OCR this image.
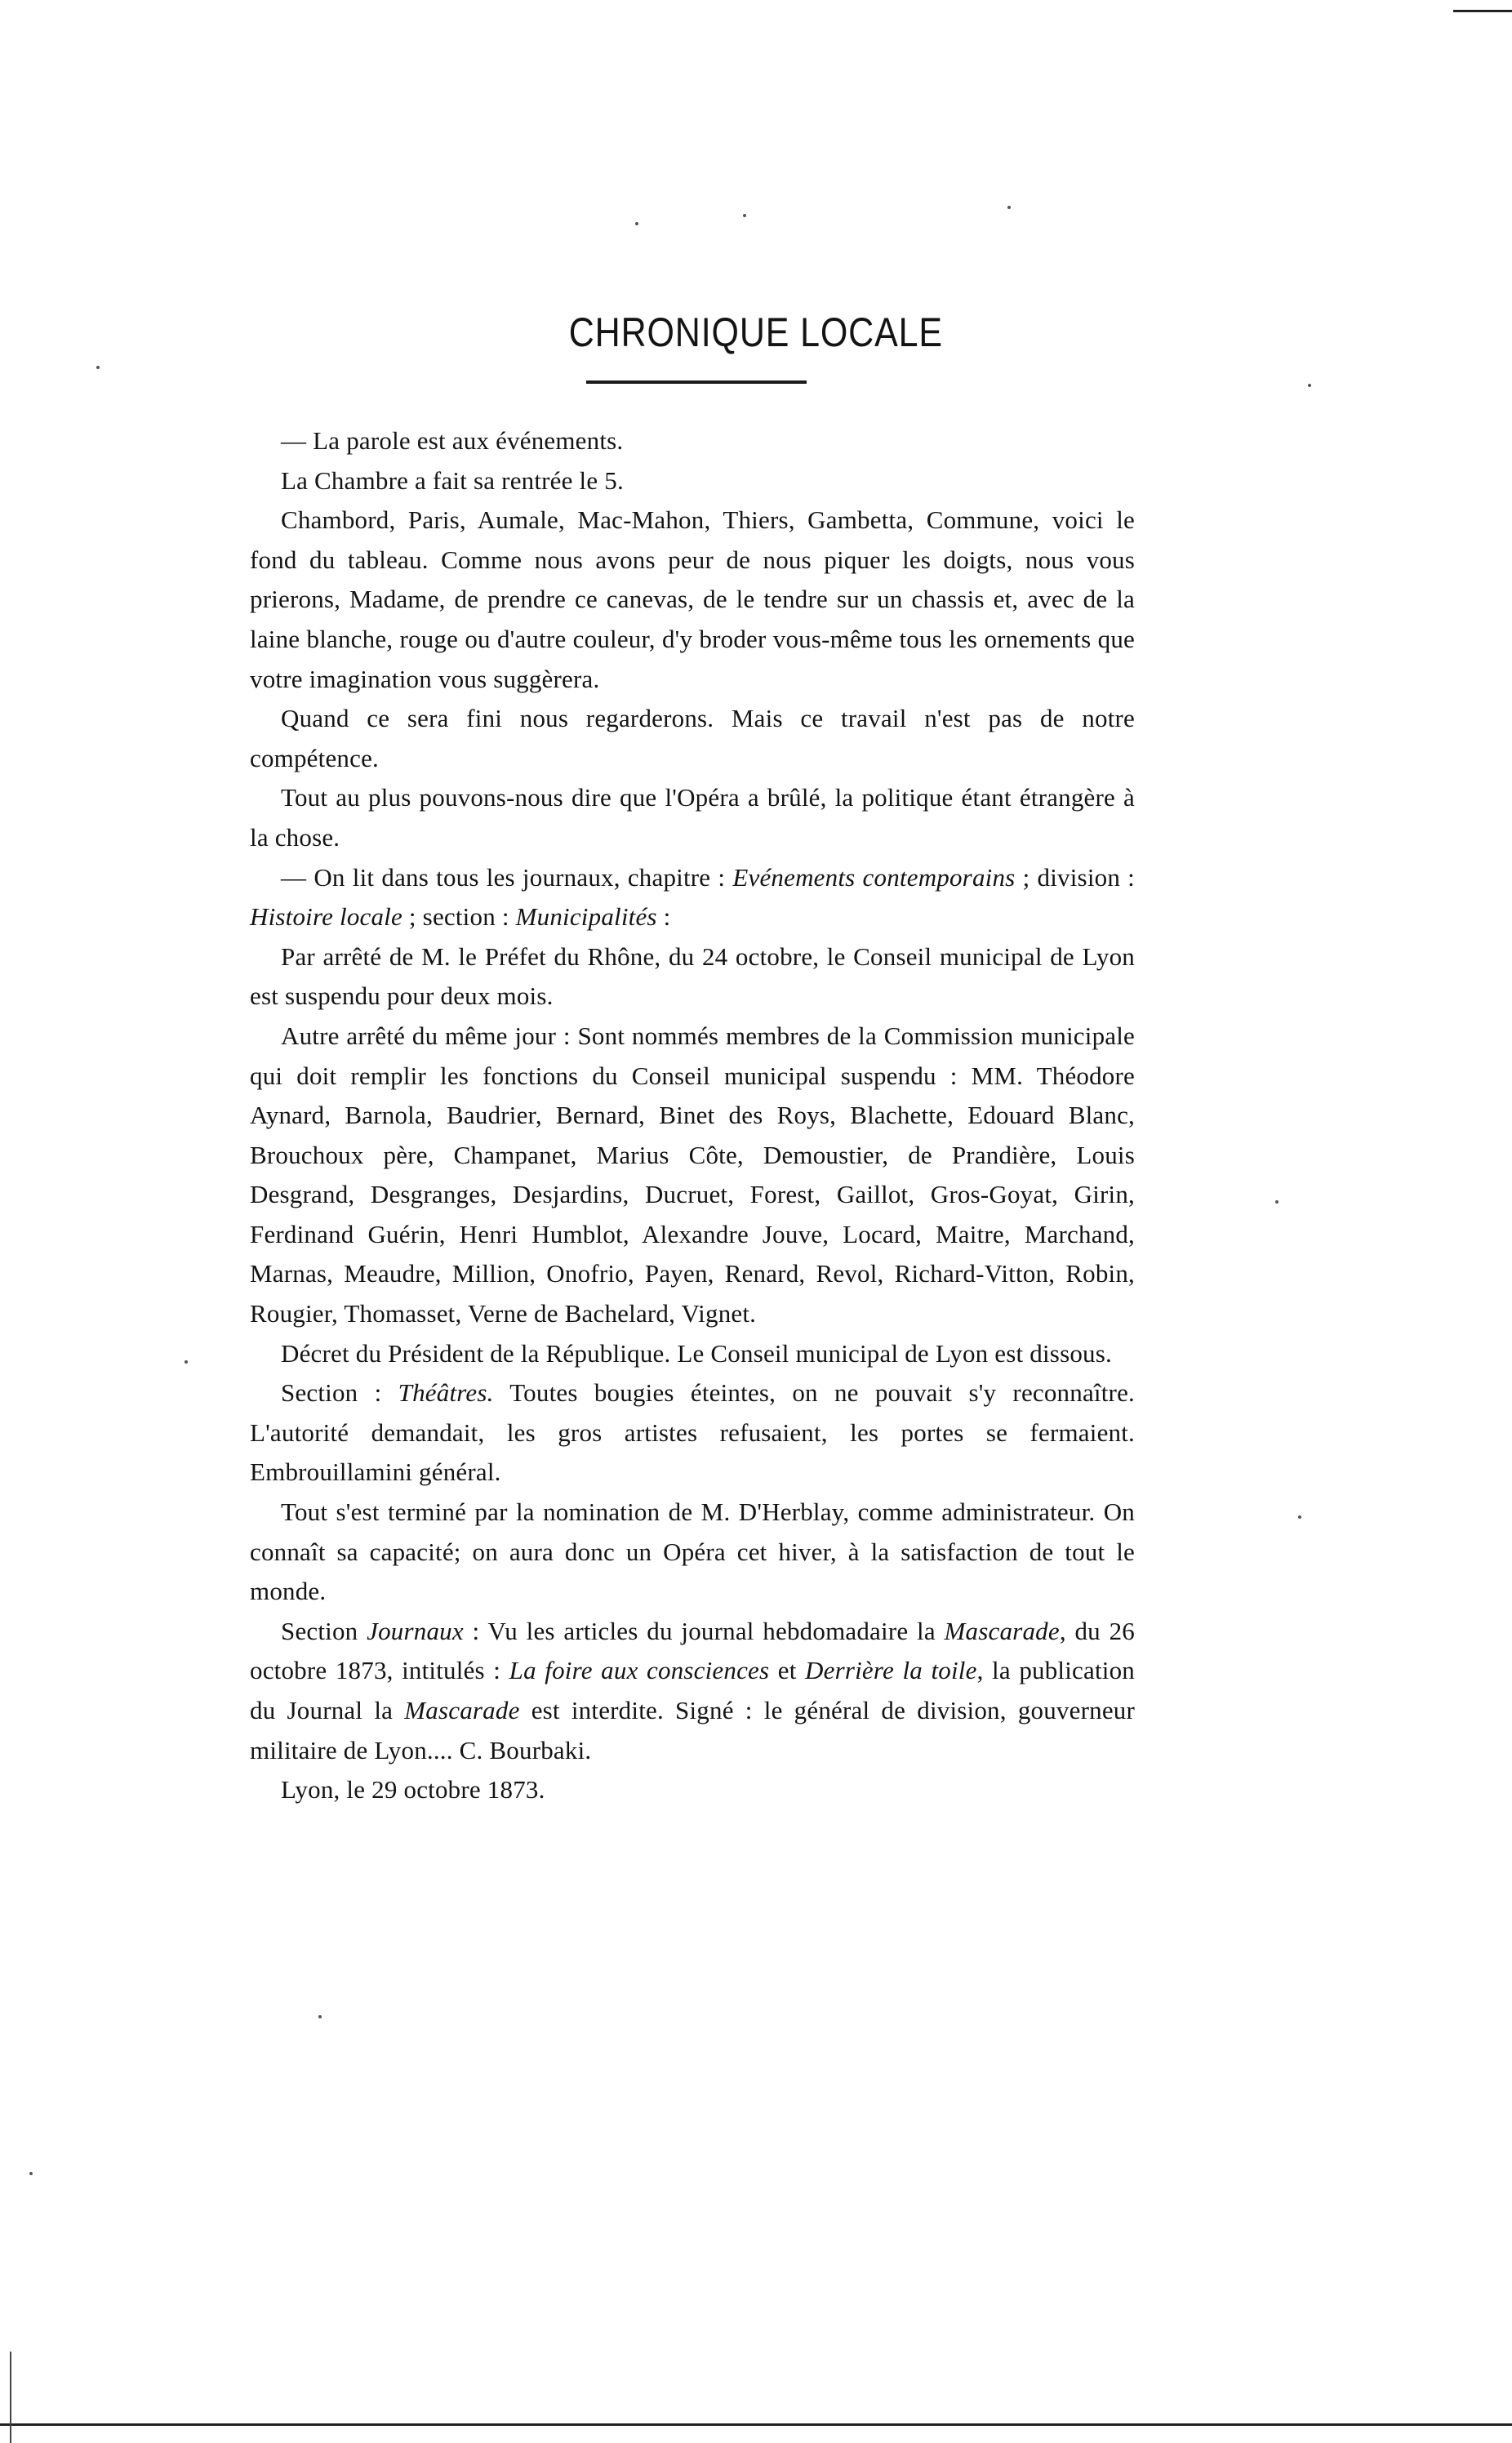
CHRONIQUE LOCALE

— La parole est aux événements.

La Chambre a fait sa rentrée le 5.

Chambord, Paris, Aumale, Mac-Mahon, Thiers, Gambetta, Commune, voici le fond du tableau. Comme nous avons peur de nous piquer les doigts, nous vous prierons, Madame, de prendre ce canevas, de le tendre sur un chassis et, avec de la laine blanche, rouge ou d'autre couleur, d'y broder vous-même tous les ornements que votre imagination vous suggèrera.

Quand ce sera fini nous regarderons. Mais ce travail n'est pas de notre compétence.

Tout au plus pouvons-nous dire que l'Opéra a brûlé, la politique étant étrangère à la chose.

— On lit dans tous les journaux, chapitre : Evénements contemporains ; division : Histoire locale ; section : Municipalités :

Par arrêté de M. le Préfet du Rhône, du 24 octobre, le Conseil municipal de Lyon est suspendu pour deux mois.

Autre arrêté du même jour : Sont nommés membres de la Commission municipale qui doit remplir les fonctions du Conseil municipal suspendu : MM. Théodore Aynard, Barnola, Baudrier, Bernard, Binet des Roys, Blachette, Edouard Blanc, Brouchoux père, Champanet, Marius Côte, Demoustier, de Prandière, Louis Desgrand, Desgranges, Desjardins, Ducruet, Forest, Gaillot, Gros-Goyat, Girin, Ferdinand Guérin, Henri Humblot, Alexandre Jouve, Locard, Maitre, Marchand, Marnas, Meaudre, Million, Onofrio, Payen, Renard, Revol, Richard-Vitton, Robin, Rougier, Thomasset, Verne de Bachelard, Vignet.

Décret du Président de la République. Le Conseil municipal de Lyon est dissous.

Section : Théâtres. Toutes bougies éteintes, on ne pouvait s'y reconnaître. L'autorité demandait, les gros artistes refusaient, les portes se fermaient. Embrouillamini général.

Tout s'est terminé par la nomination de M. D'Herblay, comme administrateur. On connaît sa capacité; on aura donc un Opéra cet hiver, à la satisfaction de tout le monde.

Section Journaux : Vu les articles du journal hebdomadaire la Mascarade, du 26 octobre 1873, intitulés : La foire aux consciences et Derrière la toile, la publication du Journal la Mascarade est interdite. Signé : le général de division, gouverneur militaire de Lyon.... C. Bourbaki.

Lyon, le 29 octobre 1873.
